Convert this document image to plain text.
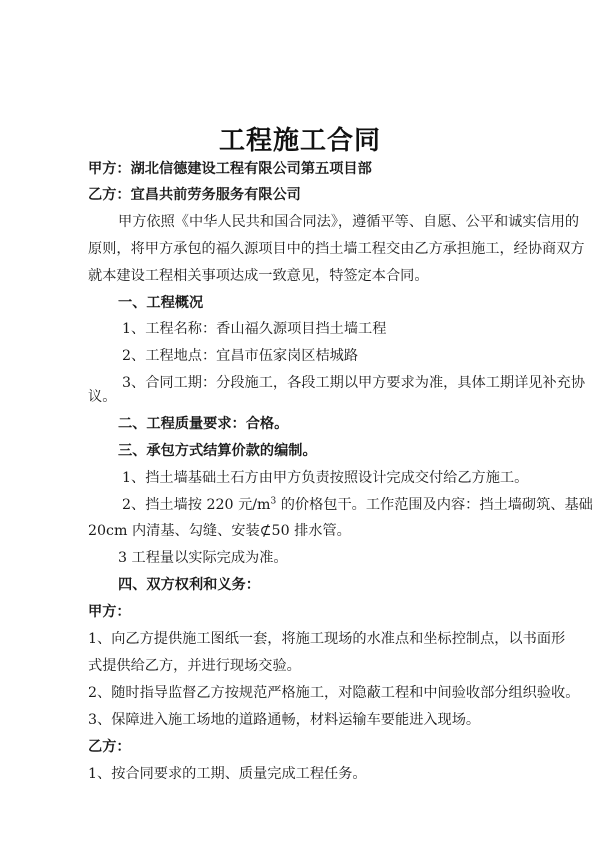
工程施工合同
甲方：湖北信德建设工程有限公司第五项目部
乙方：宜昌共前劳务服务有限公司
甲方依照《中华人民共和国合同法》，遵循平等、自愿、公平和诚实信用的
原则，将甲方承包的福久源项目中的挡土墙工程交由乙方承担施工，经协商双方
就本建设工程相关事项达成一致意见，特签定本合同。
一、工程概况
1、工程名称：香山福久源项目挡土墙工程
2、工程地点：宜昌市伍家岗区桔城路
3、合同工期：分段施工，各段工期以甲方要求为准，具体工期详见补充协
议。
二、工程质量要求：合格。
三、承包方式结算价款的编制。
1、挡土墙基础土石方由甲方负责按照设计完成交付给乙方施工。
2、挡土墙按 220 元$/m^3$ 的价格包干。工作范围及内容：挡土墙砌筑、基础
20cm 内清基、勾缝、安装⊄50 排水管。
3 工程量以实际完成为准。
四、双方权利和义务：
甲方：
1、向乙方提供施工图纸一套，将施工现场的水准点和坐标控制点，以书面形
式提供给乙方，并进行现场交验。
2、随时指导监督乙方按规范严格施工，对隐蔽工程和中间验收部分组织验收。
3、保障进入施工场地的道路通畅，材料运输车要能进入现场。
乙方：
1、按合同要求的工期、质量完成工程任务。
